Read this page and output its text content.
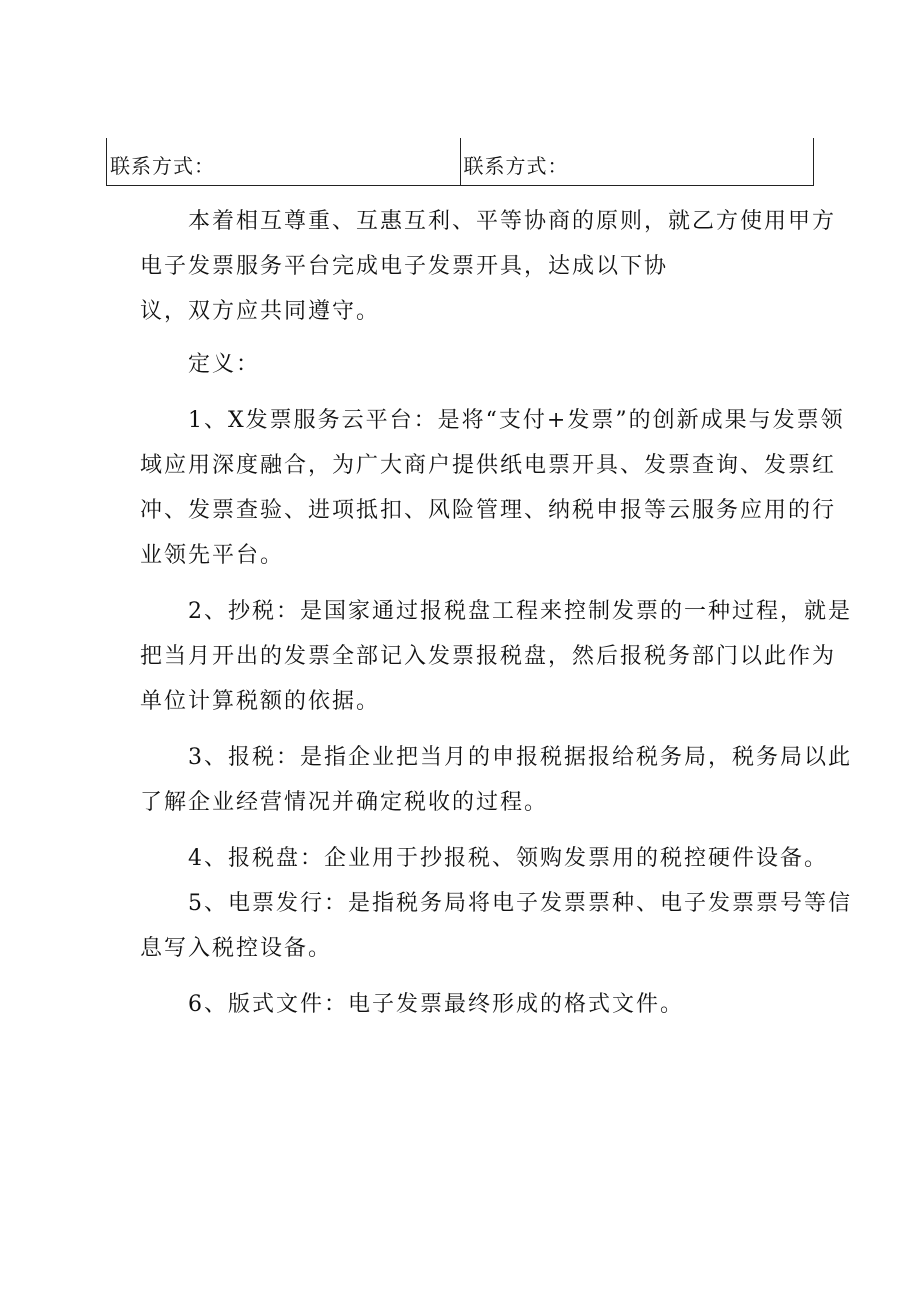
联系方式：	联系方式：
本着相互尊重、互惠互利、平等协商的原则，就乙方使用甲方
电子发票服务平台完成电子发票开具，达成以下协
议，双方应共同遵守。
定义：
1、X发票服务云平台：是将“支付+发票”的创新成果与发票领
域应用深度融合，为广大商户提供纸电票开具、发票查询、发票红
冲、发票查验、进项抵扣、风险管理、纳税申报等云服务应用的行
业领先平台。
2、抄税：是国家通过报税盘工程来控制发票的一种过程，就是
把当月开出的发票全部记入发票报税盘，然后报税务部门以此作为
单位计算税额的依据。
3、报税：是指企业把当月的申报税据报给税务局，税务局以此
了解企业经营情况并确定税收的过程。
4、报税盘：企业用于抄报税、领购发票用的税控硬件设备。
5、电票发行：是指税务局将电子发票票种、电子发票票号等信
息写入税控设备。
6、版式文件：电子发票最终形成的格式文件。
